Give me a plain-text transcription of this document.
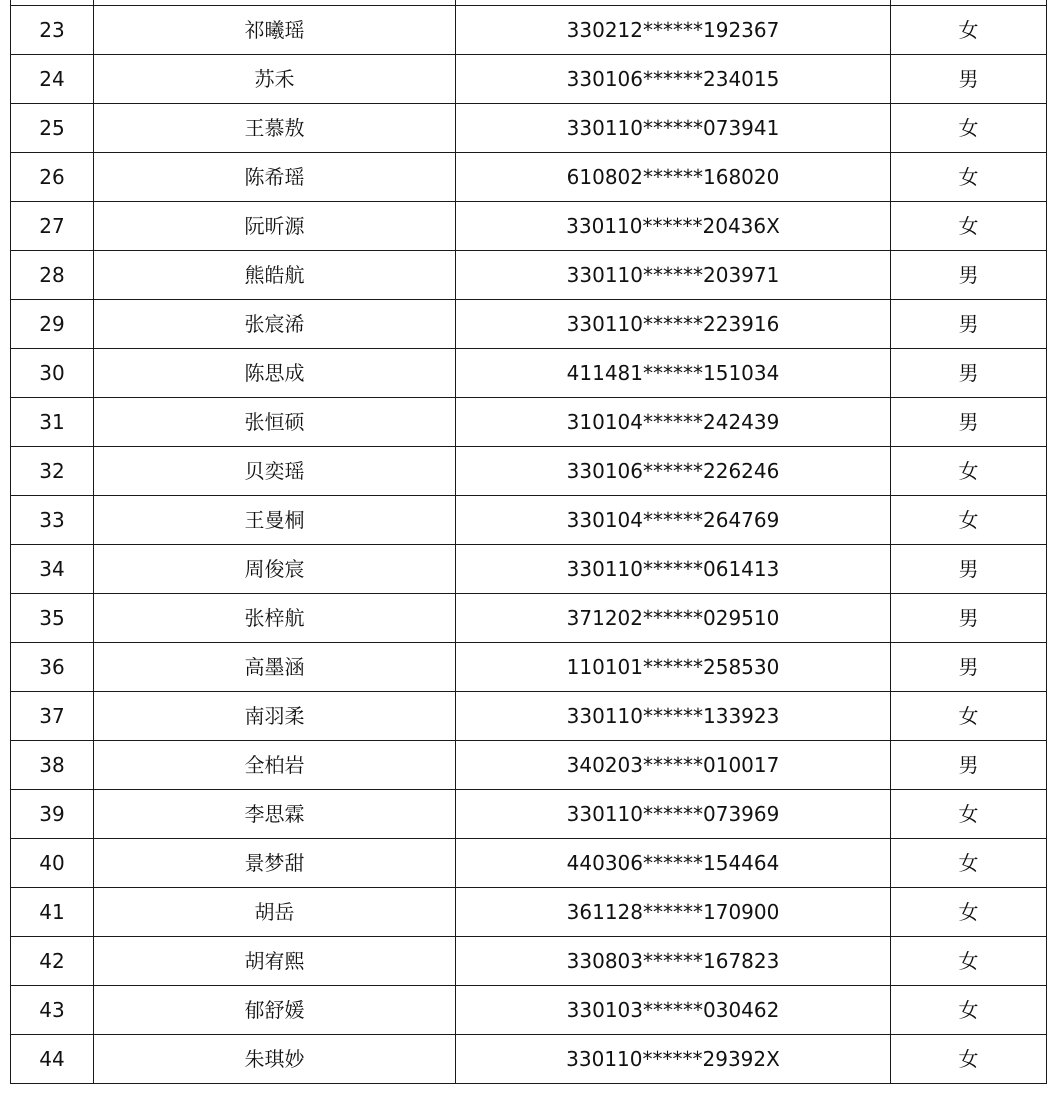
23	祁曦瑶	330212******192367	女
24	苏禾	330106******234015	男
25	王慕敖	330110******073941	女
26	陈希瑶	610802******168020	女
27	阮昕源	330110******20436X	女
28	熊皓航	330110******203971	男
29	张宸浠	330110******223916	男
30	陈思成	411481******151034	男
31	张恒硕	310104******242439	男
32	贝奕瑶	330106******226246	女
33	王曼桐	330104******264769	女
34	周俊宸	330110******061413	男
35	张梓航	371202******029510	男
36	高墨涵	110101******258530	男
37	南羽柔	330110******133923	女
38	全柏岩	340203******010017	男
39	李思霖	330110******073969	女
40	景梦甜	440306******154464	女
41	胡岳	361128******170900	女
42	胡宥熙	330803******167823	女
43	郁舒媛	330103******030462	女
44	朱琪妙	330110******29392X	女
